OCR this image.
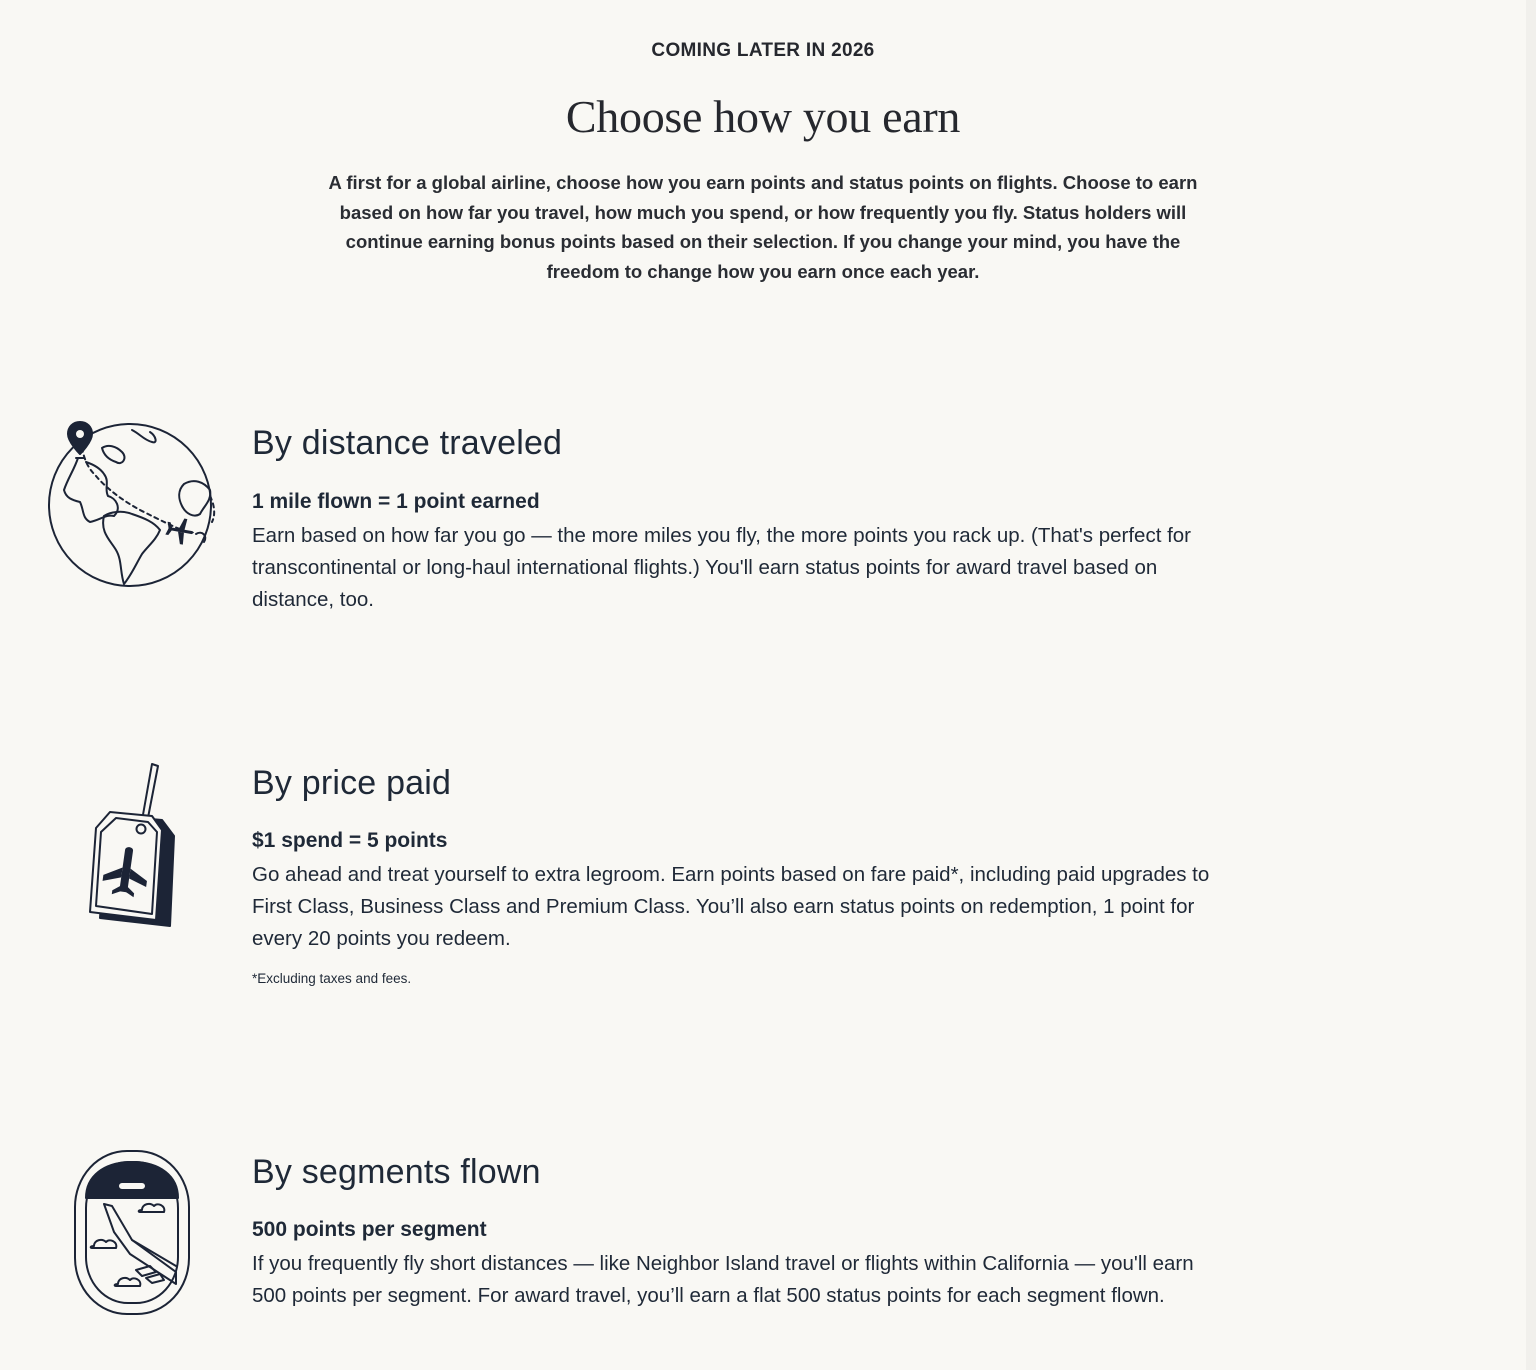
COMING LATER IN 2026
Choose how you earn

A first for a global airline, choose how you earn points and status points on flights. Choose to earn based on how far you travel, how much you spend, or how frequently you fly. Status holders will continue earning bonus points based on their selection. If you change your mind, you have the freedom to change how you earn once each year.

By distance traveled
1 mile flown = 1 point earned

Earn based on how far you go — the more miles you fly, the more points you rack up. (That's perfect for transcontinental or long-haul international flights.) You'll earn status points for award travel based on distance, too.

By price paid
$1 spend = 5 points

Go ahead and treat yourself to extra legroom. Earn points based on fare paid*, including paid upgrades to First Class, Business Class and Premium Class. You’ll also earn status points on redemption, 1 point for every 20 points you redeem.

*Excluding taxes and fees.
By segments flown
500 points per segment

If you frequently fly short distances — like Neighbor Island travel or flights within California — you'll earn 500 points per segment. For award travel, you’ll earn a flat 500 status points for each segment flown.
